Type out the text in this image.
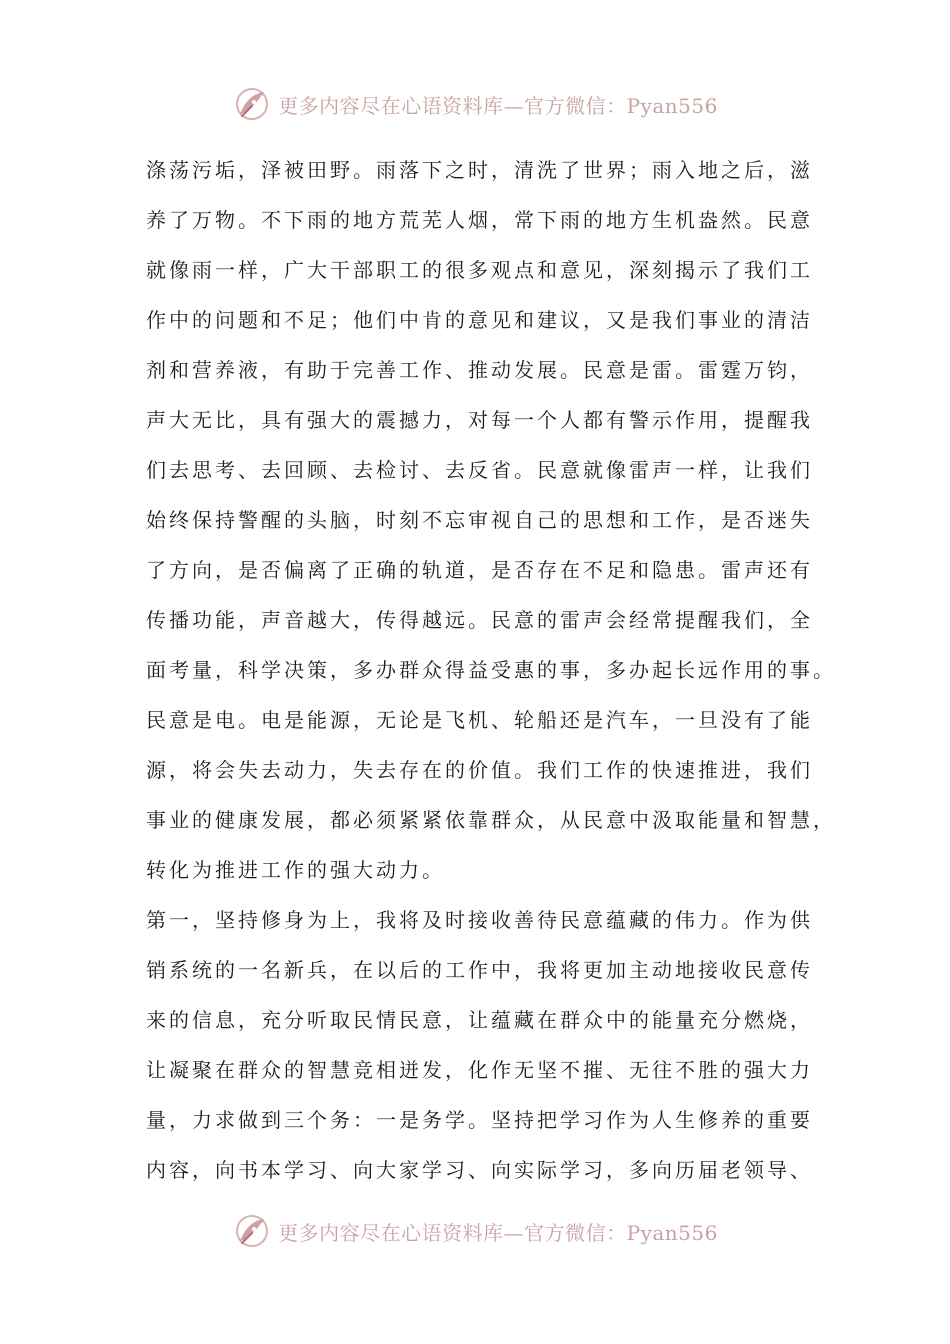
更多内容尽在心语资料库—官方微信：Pyan556
涤荡污垢，泽被田野。雨落下之时，清洗了世界；雨入地之后，滋
养了万物。不下雨的地方荒芜人烟，常下雨的地方生机盎然。民意
就像雨一样，广大干部职工的很多观点和意见，深刻揭示了我们工
作中的问题和不足；他们中肯的意见和建议，又是我们事业的清洁
剂和营养液，有助于完善工作、推动发展。民意是雷。雷霆万钧，
声大无比，具有强大的震撼力，对每一个人都有警示作用，提醒我
们去思考、去回顾、去检讨、去反省。民意就像雷声一样，让我们
始终保持警醒的头脑，时刻不忘审视自己的思想和工作，是否迷失
了方向，是否偏离了正确的轨道，是否存在不足和隐患。雷声还有
传播功能，声音越大，传得越远。民意的雷声会经常提醒我们，全
面考量，科学决策，多办群众得益受惠的事，多办起长远作用的事。
民意是电。电是能源，无论是飞机、轮船还是汽车，一旦没有了能
源，将会失去动力，失去存在的价值。我们工作的快速推进，我们
事业的健康发展，都必须紧紧依靠群众，从民意中汲取能量和智慧，
转化为推进工作的强大动力。
第一，坚持修身为上，我将及时接收善待民意蕴藏的伟力。作为供
销系统的一名新兵，在以后的工作中，我将更加主动地接收民意传
来的信息，充分听取民情民意，让蕴藏在群众中的能量充分燃烧，
让凝聚在群众的智慧竞相迸发，化作无坚不摧、无往不胜的强大力
量，力求做到三个务：一是务学。坚持把学习作为人生修养的重要
内容，向书本学习、向大家学习、向实际学习，多向历届老领导、
更多内容尽在心语资料库—官方微信：Pyan556
